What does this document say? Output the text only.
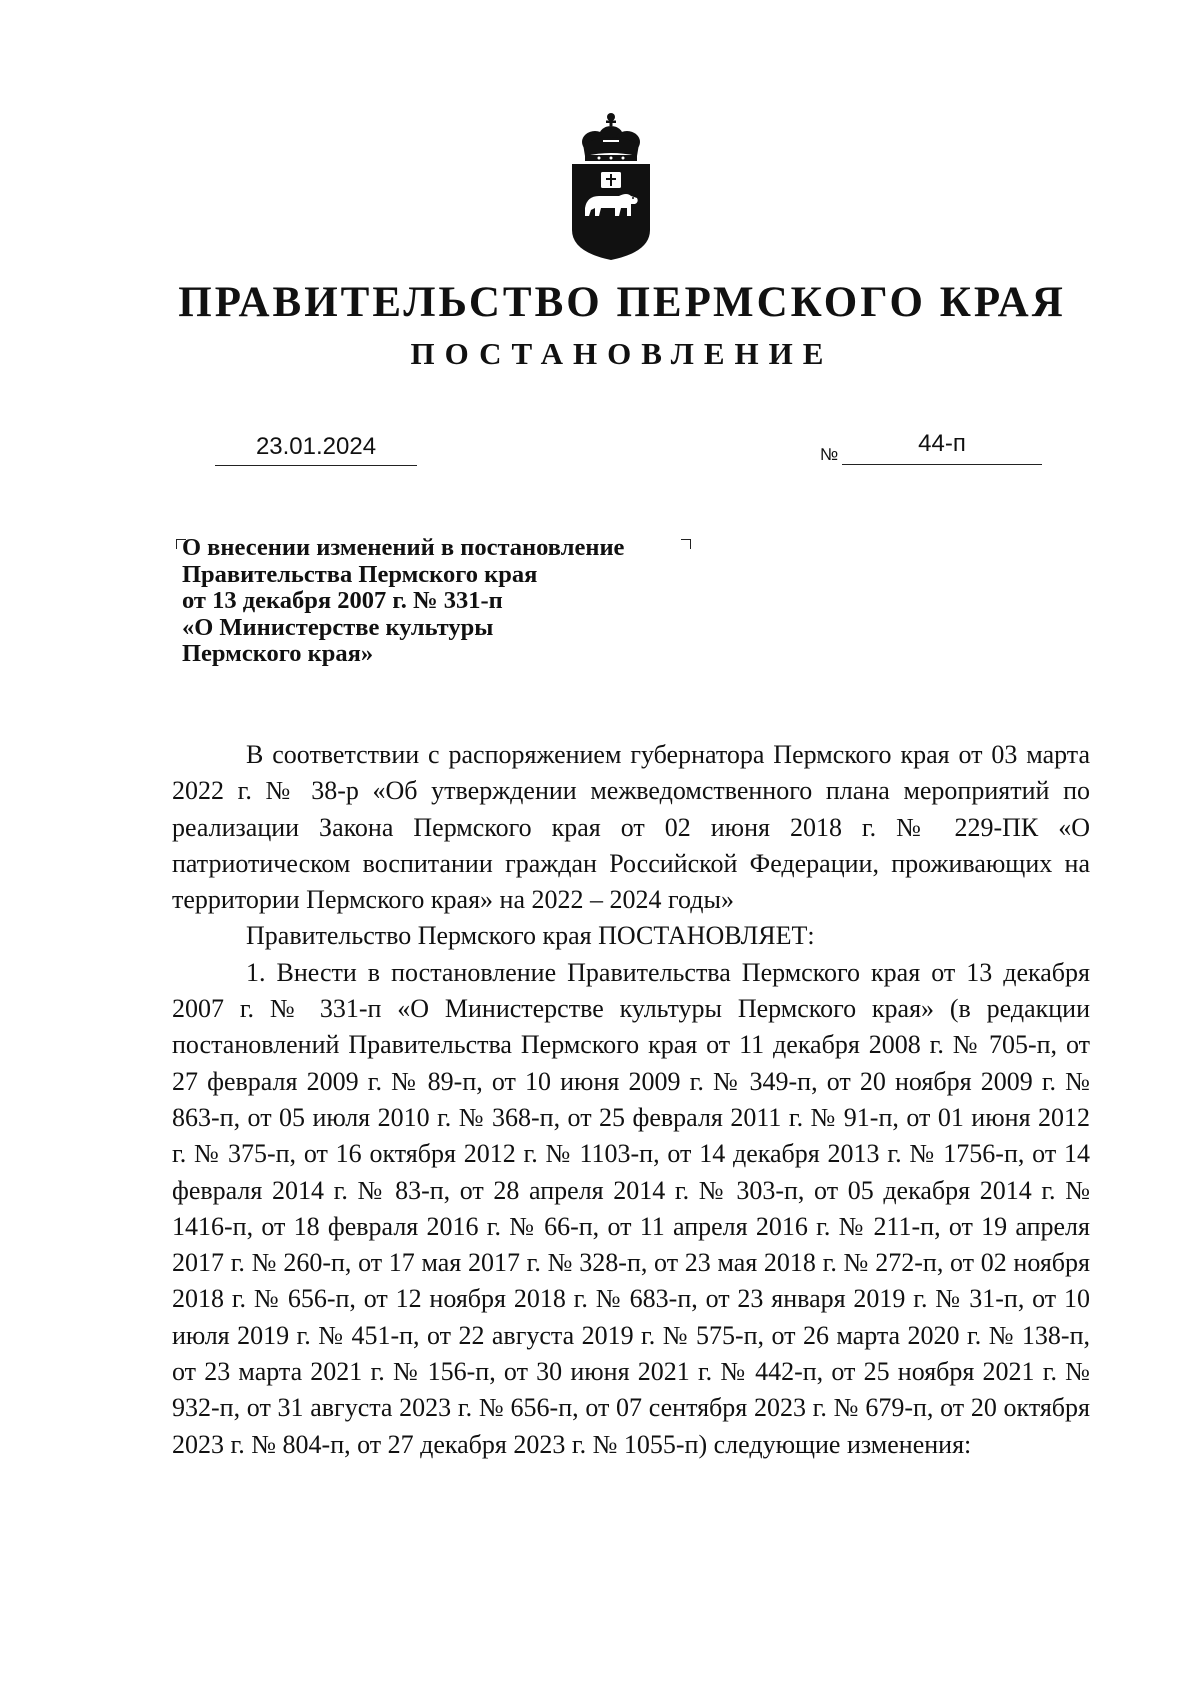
ПРАВИТЕЛЬСТВО ПЕРМСКОГО КРАЯ
ПОСТАНОВЛЕНИЕ
23.01.2024	№	44-п
О внесении изменений в постановление
Правительства Пермского края
от 13 декабря 2007 г. № 331-п
«О Министерстве культуры
Пермского края»

В соответствии с распоряжением губернатора Пермского края от 03 марта 2022 г. № 38-р «Об утверждении межведомственного плана мероприятий по реализации Закона Пермского края от 02 июня 2018 г. № 229-ПК «О патриотическом воспитании граждан Российской Федерации, проживающих на территории Пермского края» на 2022 – 2024 годы»

Правительство Пермского края ПОСТАНОВЛЯЕТ:

1. Внести в постановление Правительства Пермского края от 13 декабря 2007 г. № 331-п «О Министерстве культуры Пермского края» (в редакции постановлений Правительства Пермского края от 11 декабря 2008 г. № 705-п, от 27 февраля 2009 г. № 89-п, от 10 июня 2009 г. № 349-п, от 20 ноября 2009 г. № 863-п, от 05 июля 2010 г. № 368-п, от 25 февраля 2011 г. № 91-п, от 01 июня 2012 г. № 375-п, от 16 октября 2012 г. № 1103-п, от 14 декабря 2013 г. № 1756-п, от 14 февраля 2014 г. № 83-п, от 28 апреля 2014 г. № 303-п, от 05 декабря 2014 г. № 1416-п, от 18 февраля 2016 г. № 66-п, от 11 апреля 2016 г. № 211-п, от 19 апреля 2017 г. № 260-п, от 17 мая 2017 г. № 328-п, от 23 мая 2018 г. № 272-п, от 02 ноября 2018 г. № 656-п, от 12 ноября 2018 г. № 683-п, от 23 января 2019 г. № 31-п, от 10 июля 2019 г. № 451-п, от 22 августа 2019 г. № 575-п, от 26 марта 2020 г. № 138-п, от 23 марта 2021 г. № 156-п, от 30 июня 2021 г. № 442-п, от 25 ноября 2021 г. № 932-п, от 31 августа 2023 г. № 656-п, от 07 сентября 2023 г. № 679-п, от 20 октября 2023 г. № 804-п, от 27 декабря 2023 г. № 1055-п) следующие изменения:
